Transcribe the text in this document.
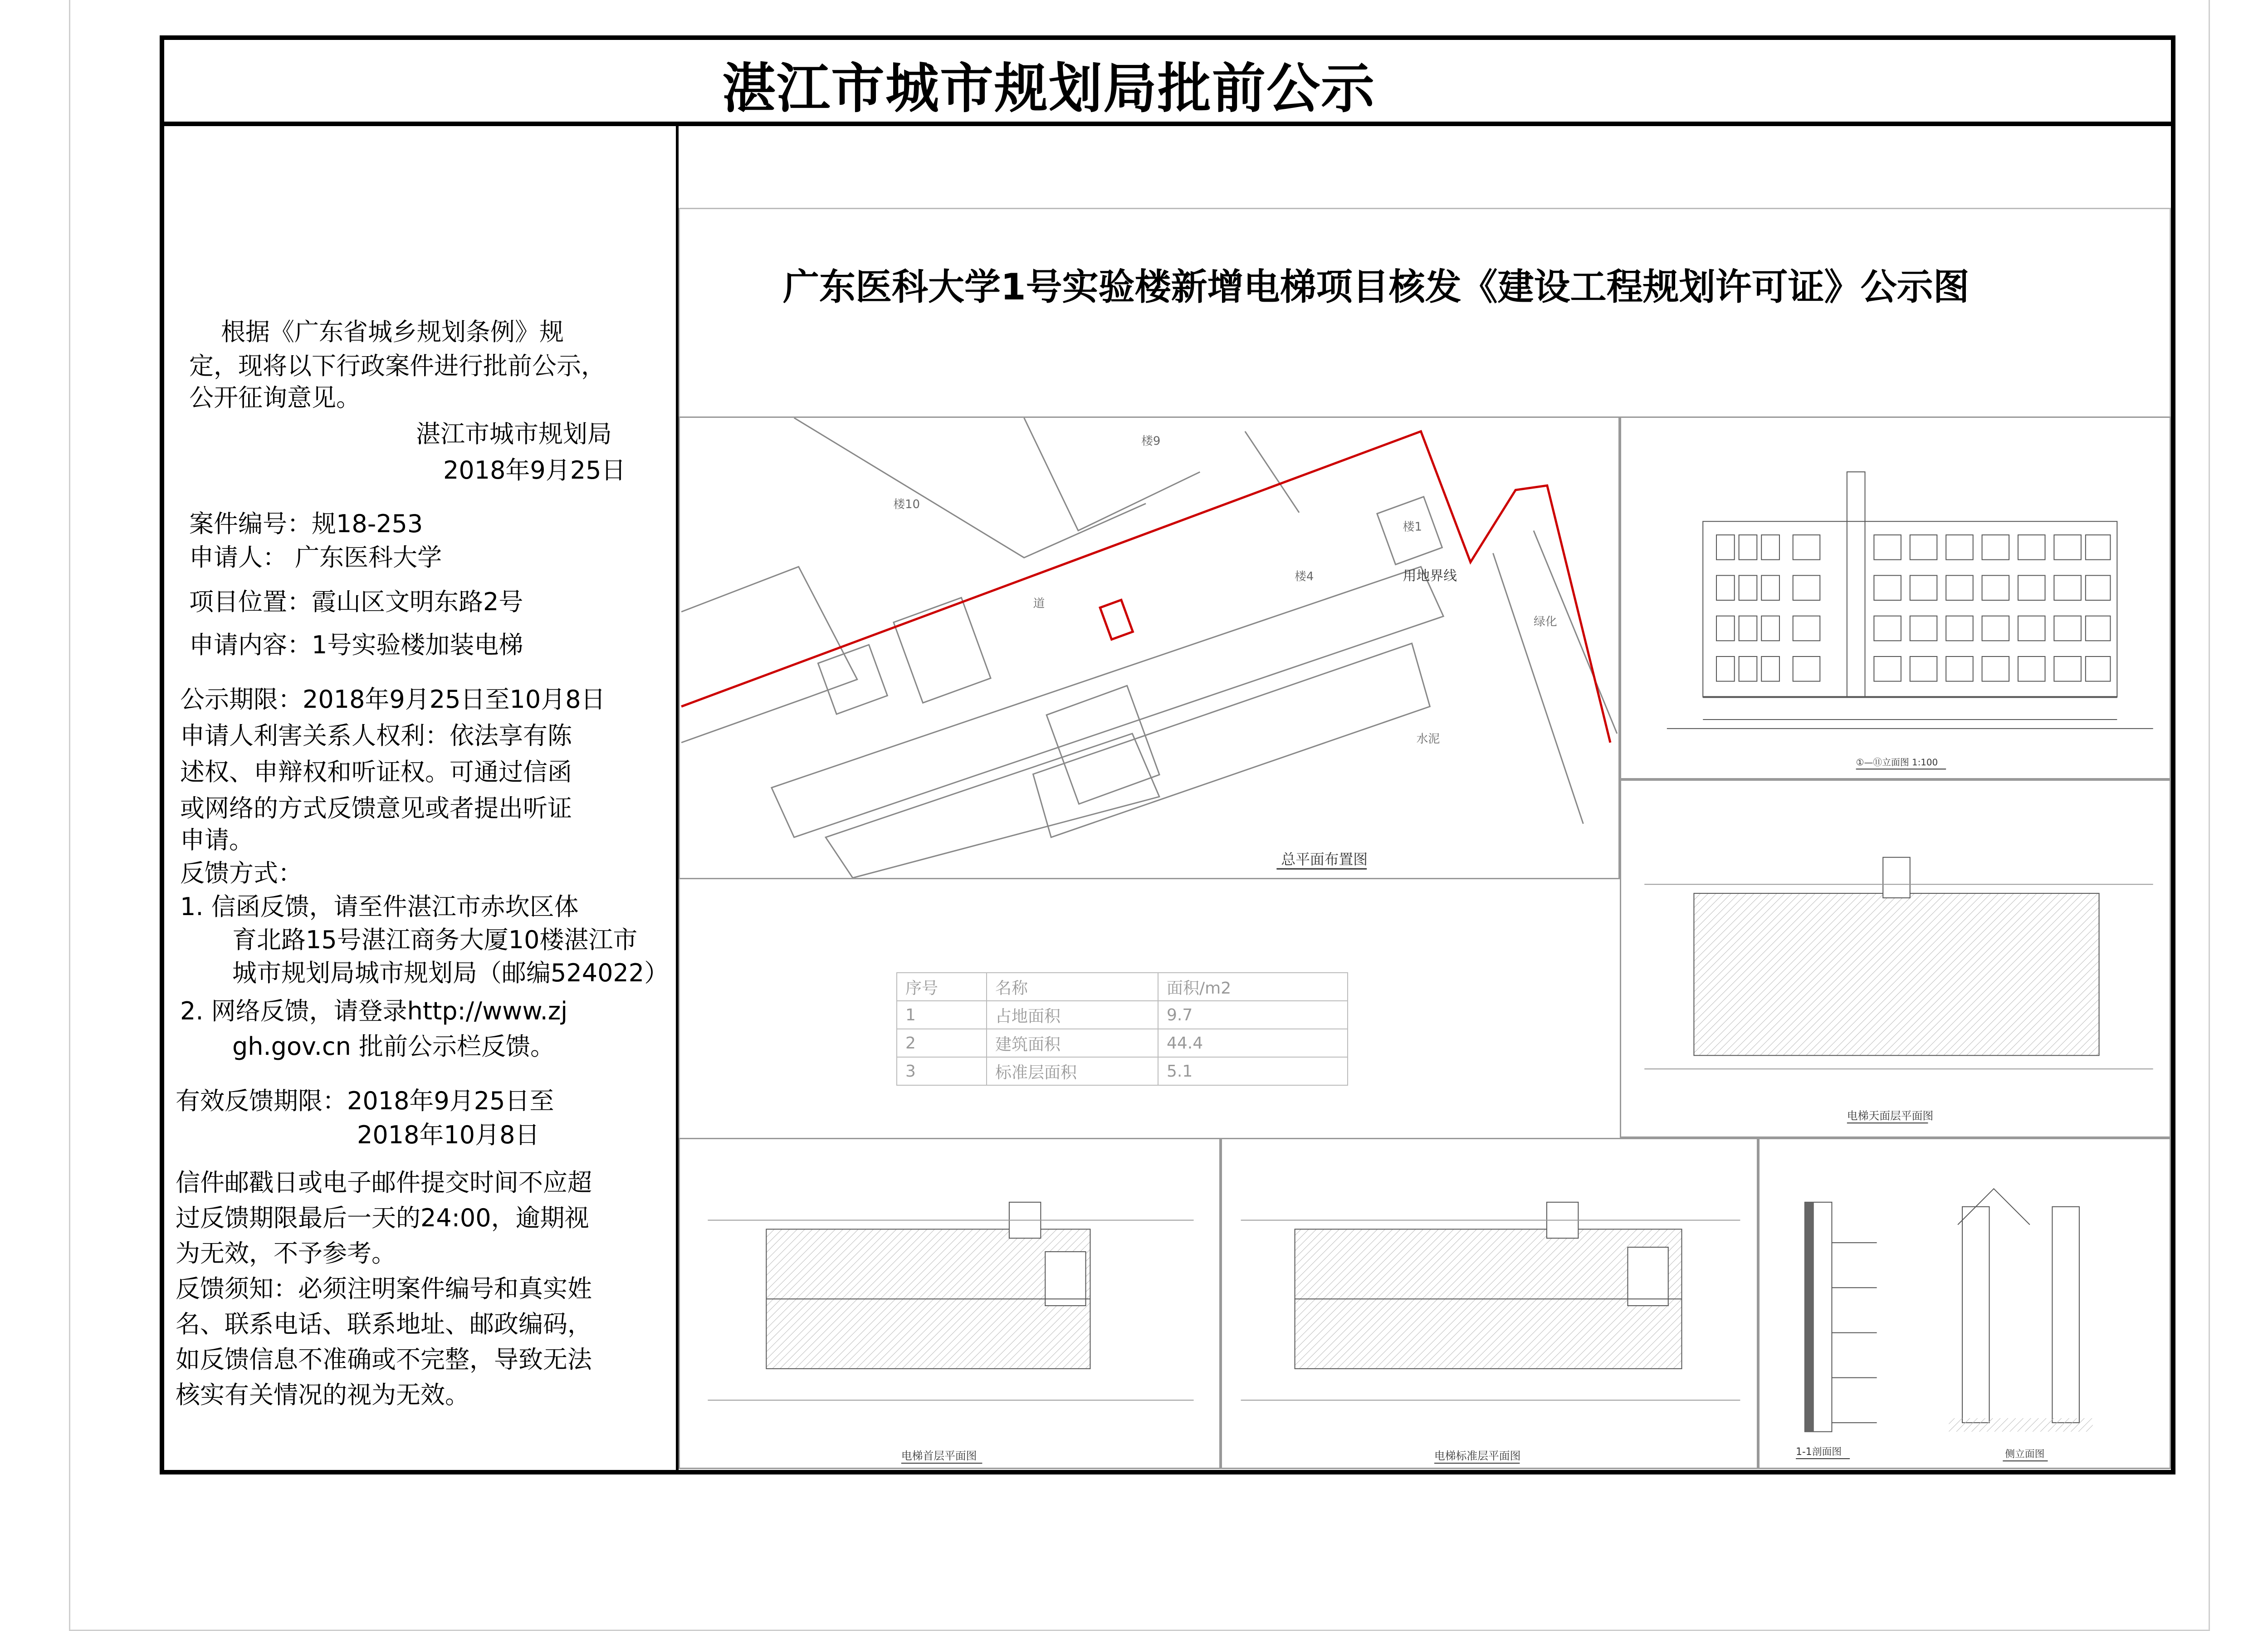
湛江市城市规划局批前公示
根据《广东省城乡规划条例》规
定，现将以下行政案件进行批前公示，
公开征询意见。
湛江市城市规划局
2018年9月25日
案件编号：规18-253
申请人： 广东医科大学
项目位置：霞山区文明东路2号
申请内容：1号实验楼加装电梯
公示期限：2018年9月25日至10月8日
申请人利害关系人权利：依法享有陈
述权、申辩权和听证权。可通过信函
或网络的方式反馈意见或者提出听证
申请。
反馈方式：
1. 信函反馈，请至件湛江市赤坎区体
育北路15号湛江商务大厦10楼湛江市
城市规划局城市规划局（邮编524022）
2. 网络反馈，请登录http://www.zj
gh.gov.cn 批前公示栏反馈。
有效反馈期限：2018年9月25日至
2018年10月8日
信件邮戳日或电子邮件提交时间不应超
过反馈期限最后一天的24:00，逾期视
为无效，不予参考。
反馈须知：必须注明案件编号和真实姓
名、联系电话、联系地址、邮政编码，
如反馈信息不准确或不完整，导致无法
核实有关情况的视为无效。
广东医科大学1号实验楼新增电梯项目核发《建设工程规划许可证》公示图
楼10
楼9
楼1
楼4
道
水泥
绿化
用地界线
总平面布置图
序号	名称	面积/m2
1	占地面积	9.7
2	建筑面积	44.4
3	标准层面积	5.1
①—⑪立面图 1:100
电梯天面层平面图
电梯首层平面图	电梯标准层平面图	1-1剖面图	侧立面图
